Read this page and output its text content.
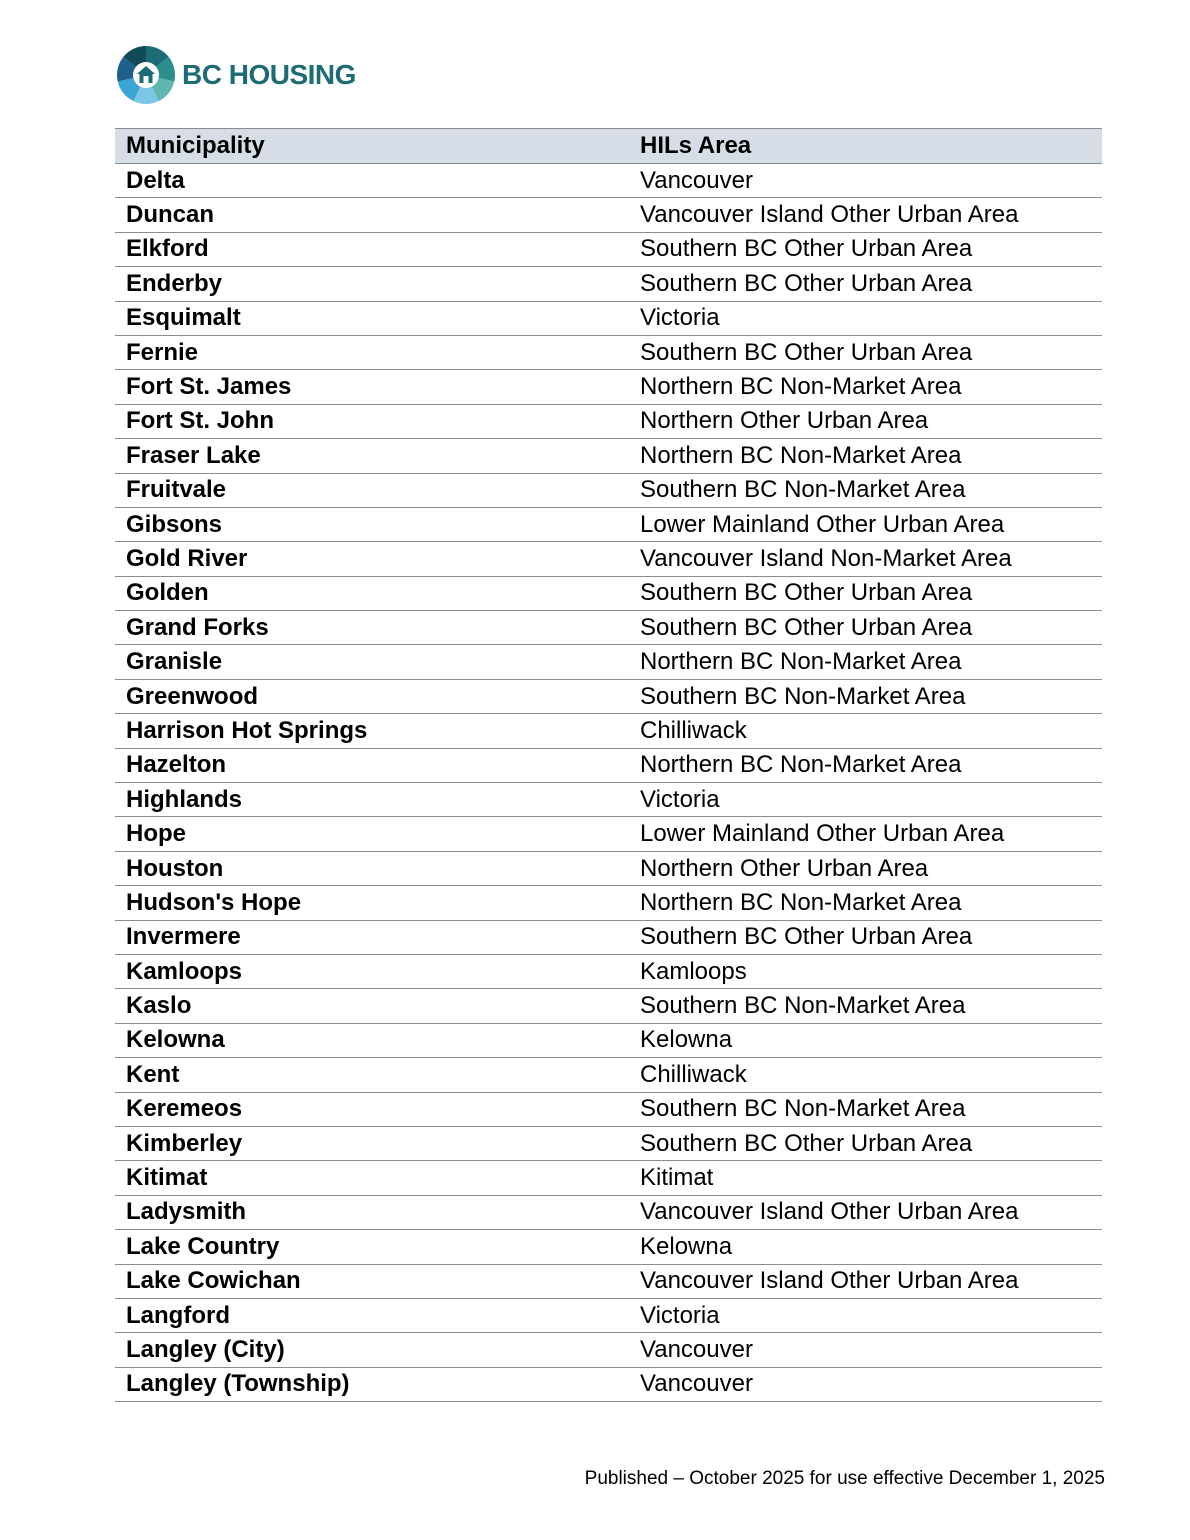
BC HOUSING
Municipality	HILs Area
Delta	Vancouver
Duncan	Vancouver Island Other Urban Area
Elkford	Southern BC Other Urban Area
Enderby	Southern BC Other Urban Area
Esquimalt	Victoria
Fernie	Southern BC Other Urban Area
Fort St. James	Northern BC Non-Market Area
Fort St. John	Northern Other Urban Area
Fraser Lake	Northern BC Non-Market Area
Fruitvale	Southern BC Non-Market Area
Gibsons	Lower Mainland Other Urban Area
Gold River	Vancouver Island Non-Market Area
Golden	Southern BC Other Urban Area
Grand Forks	Southern BC Other Urban Area
Granisle	Northern BC Non-Market Area
Greenwood	Southern BC Non-Market Area
Harrison Hot Springs	Chilliwack
Hazelton	Northern BC Non-Market Area
Highlands	Victoria
Hope	Lower Mainland Other Urban Area
Houston	Northern Other Urban Area
Hudson's Hope	Northern BC Non-Market Area
Invermere	Southern BC Other Urban Area
Kamloops	Kamloops
Kaslo	Southern BC Non-Market Area
Kelowna	Kelowna
Kent	Chilliwack
Keremeos	Southern BC Non-Market Area
Kimberley	Southern BC Other Urban Area
Kitimat	Kitimat
Ladysmith	Vancouver Island Other Urban Area
Lake Country	Kelowna
Lake Cowichan	Vancouver Island Other Urban Area
Langford	Victoria
Langley (City)	Vancouver
Langley (Township)	Vancouver
Published – October 2025 for use effective December 1, 2025
